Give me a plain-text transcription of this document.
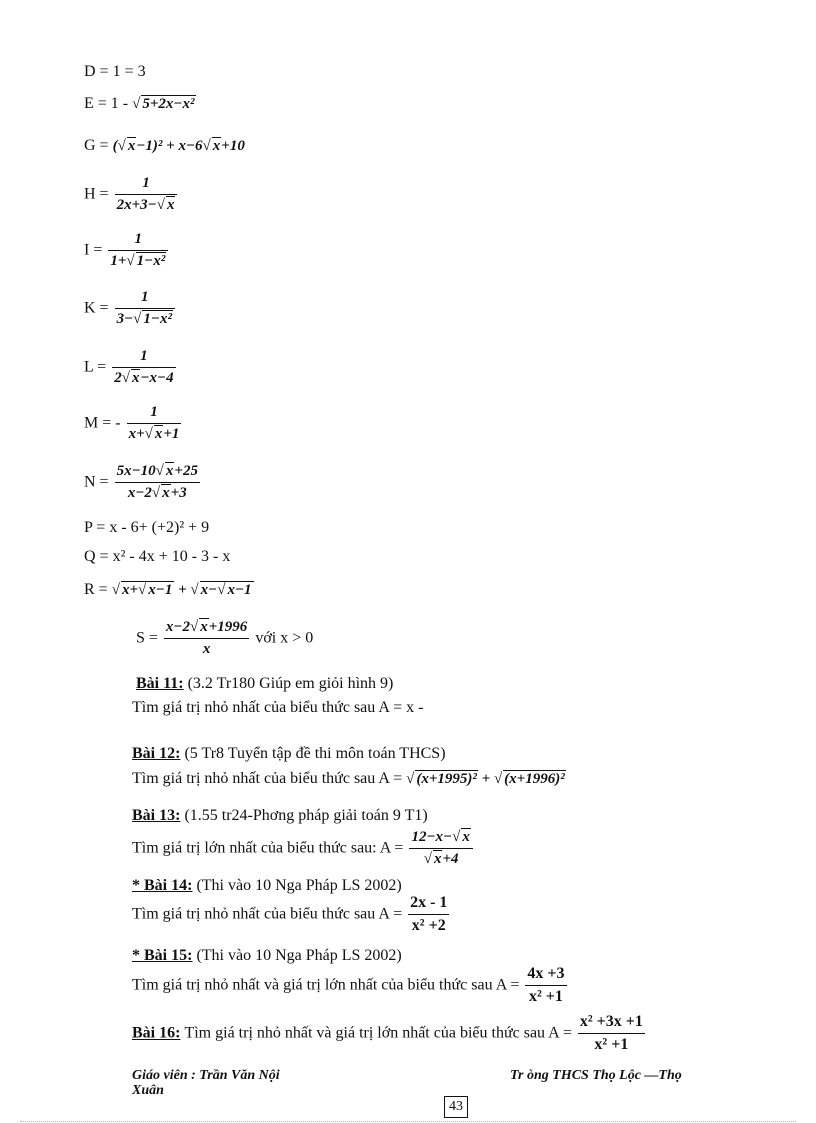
D = 1 = 3
E = 1 - √ 5+2x−x²
G = (√ x−1)² + x−6√ x+10
$H = \frac{1}{2x+3-√ x}$
$I = \frac{1}{\text{1+√ 1−x²}}$
$K = \frac{1}{\text{3−√ 1−x²}}$
$L = \frac{1}{2√ x-x-4}$
M = - $\frac{1}{x+√ x+1}$
$N = \frac{5x-10√ x+25}{x-2√ x+3}$
P = x - 6+ (+2)² + 9
Q = x² - 4x + 10 - 3 - x
R = √ x+√ x−1 + √ x−√ x−1
$S = \frac{x-2√ x+1996}{x}$ với x > 0
Bài 11: (3.2 Tr180 Giúp em giỏi hình 9)
Tìm giá trị nhỏ nhất của biểu thức sau A = x -
Bài 12: (5 Tr8 Tuyển tập đề thi môn toán THCS)
Tìm giá trị nhỏ nhất của biểu thức sau A = √ (x+1995)² + √ (x+1996)²
Bài 13: (1.55 tr24-Phơng pháp giải toán 9 T1)
Tìm giá trị lớn nhất của biểu thức sau: $A = \frac{12-x-√ x}{√ x+4}$
* Bài 14: (Thi vào 10 Nga Pháp LS 2002)
Tìm giá trị nhỏ nhất của biểu thức sau $A = \frac{2x - 1}{\text{x² +2}}$
* Bài 15: (Thi vào 10 Nga Pháp LS 2002)
Tìm giá trị nhỏ nhất và giá trị lớn nhất của biểu thức sau $A = \frac{4x +3}{\text{x² +1}}$
Bài 16: Tìm giá trị nhỏ nhất và giá trị lớn nhất của biểu thức sau $A = \frac{\text{x² +3x +1}}{\text{x² +1}}$
Giáo viên : Trần Văn Nội
Xuân
Tr òng THCS Thọ Lộc —Thọ
43
